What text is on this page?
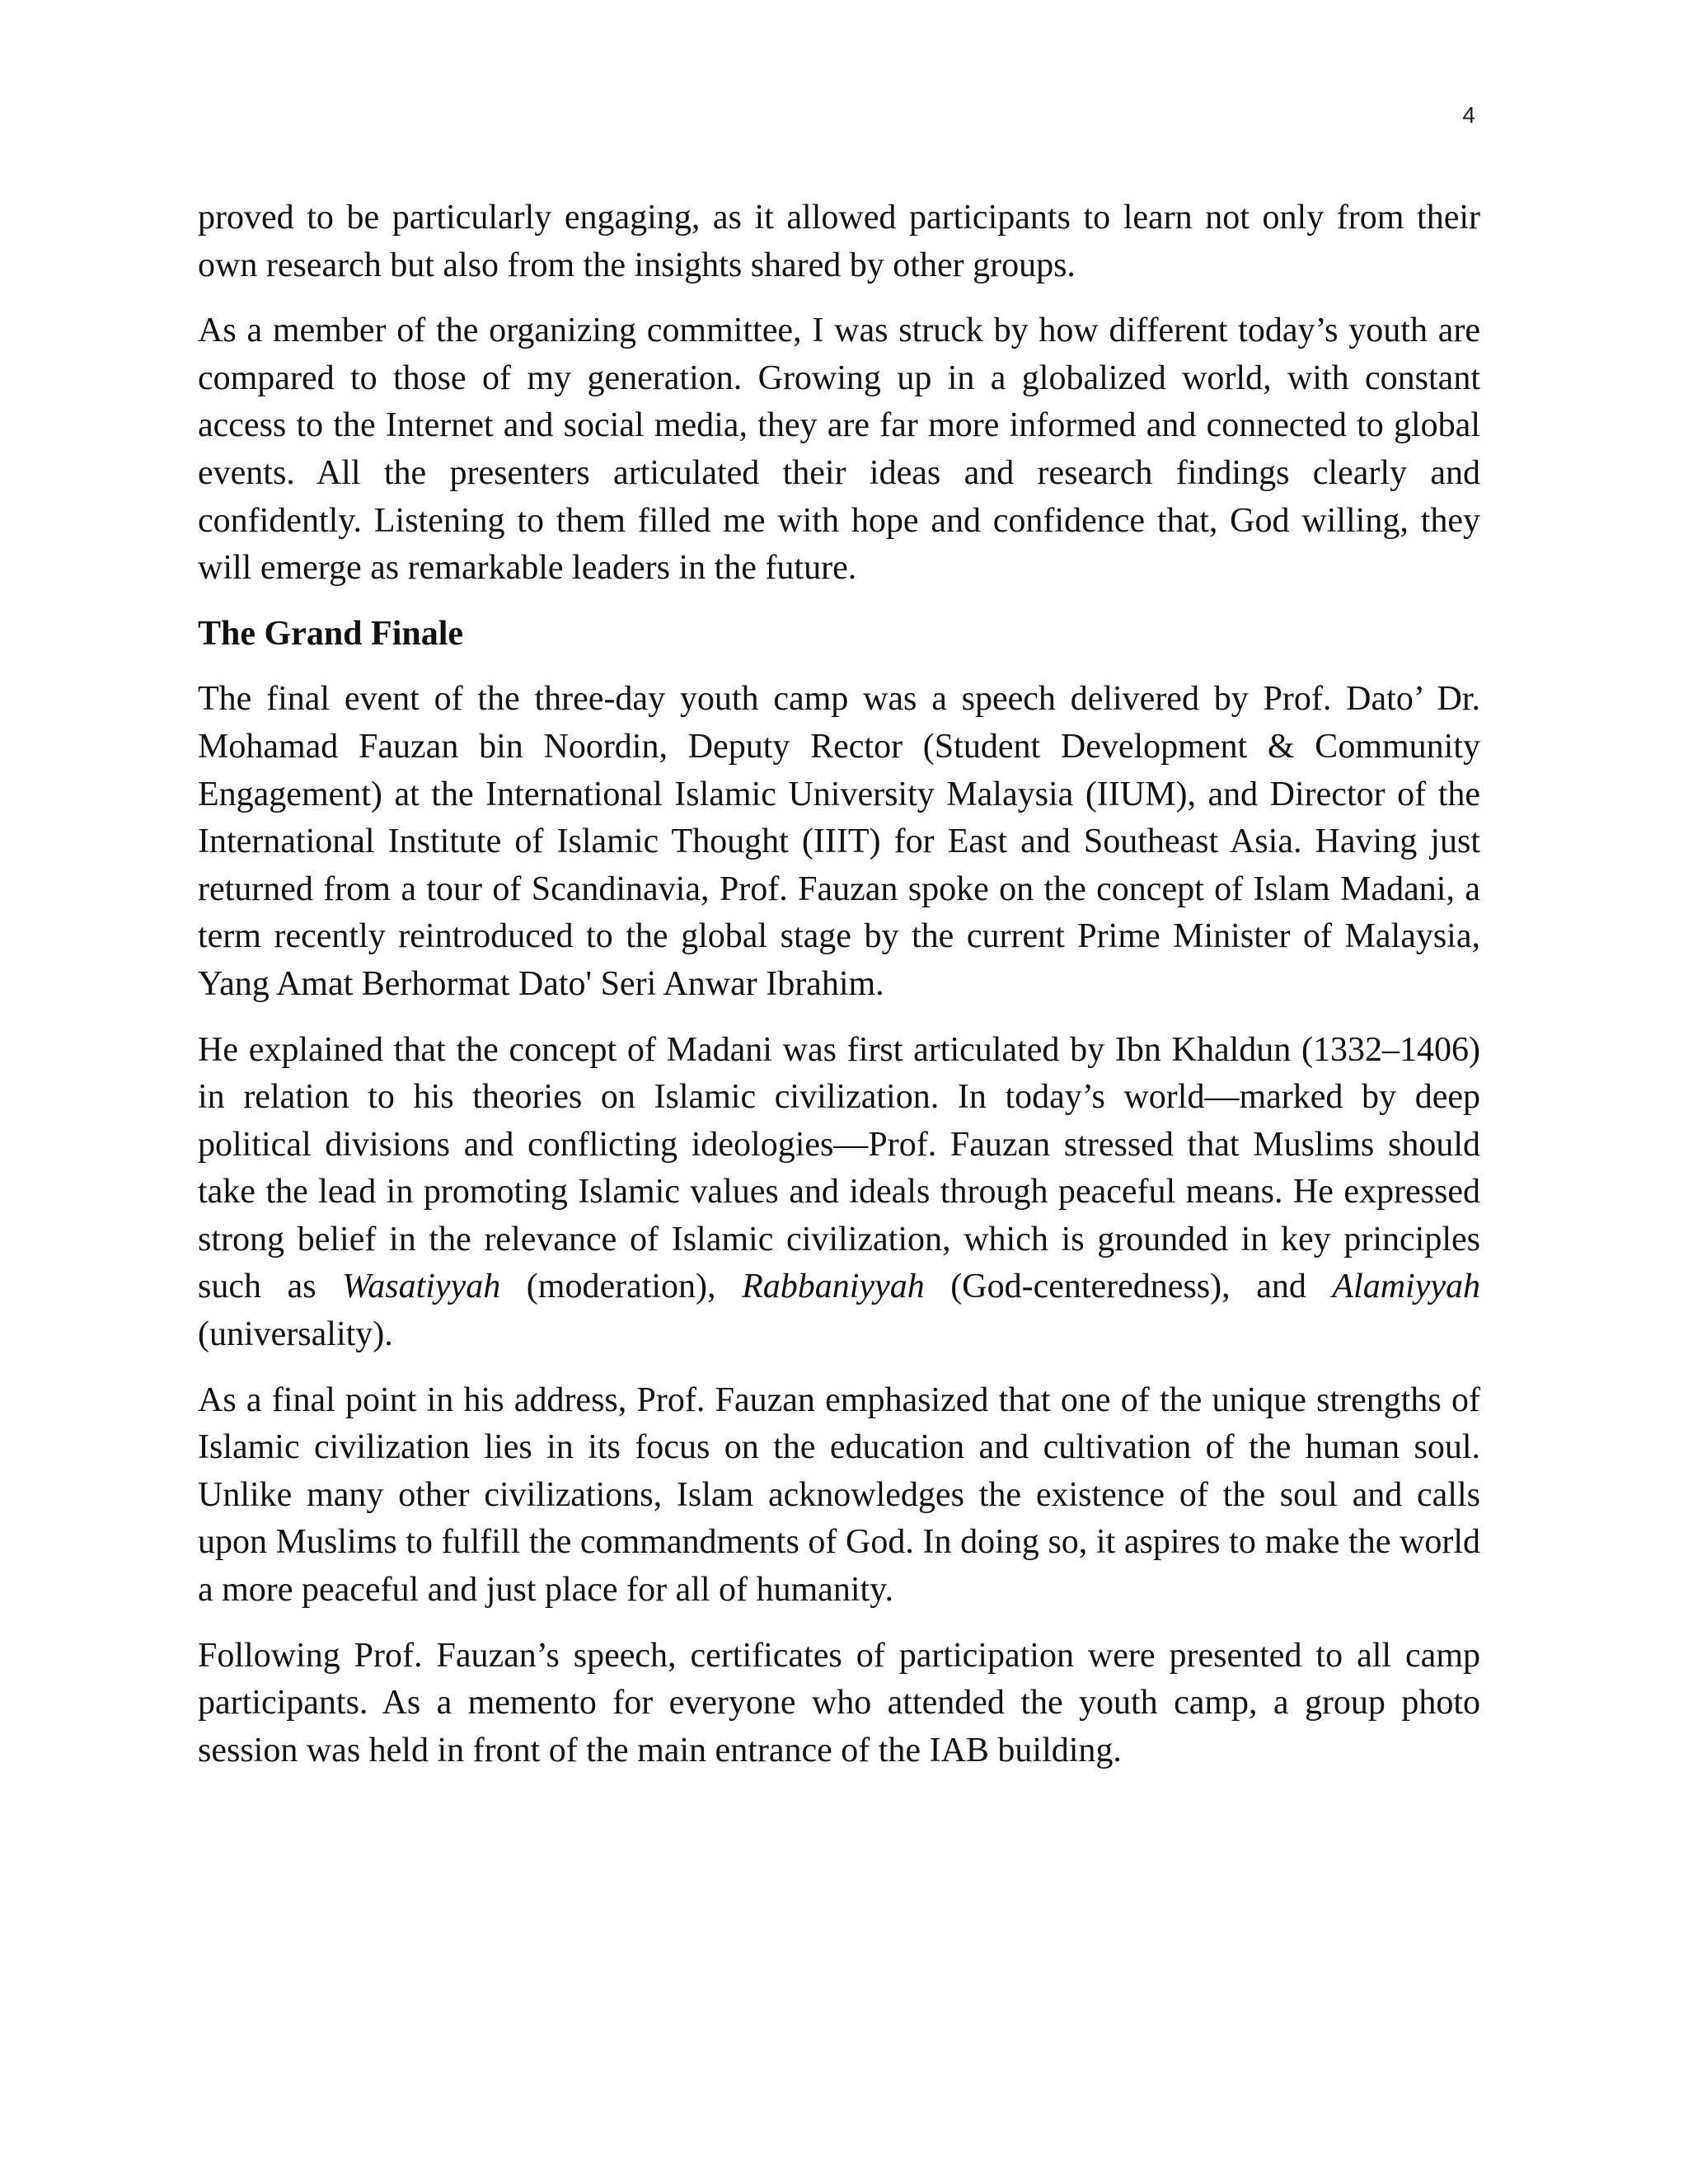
4

proved to be particularly engaging, as it allowed participants to learn not only from their own research but also from the insights shared by other groups.

As a member of the organizing committee, I was struck by how different today’s youth are compared to those of my generation. Growing up in a globalized world, with constant access to the Internet and social media, they are far more informed and connected to global events. All the presenters articulated their ideas and research findings clearly and confidently. Listening to them filled me with hope and confidence that, God willing, they will emerge as remarkable leaders in the future.

The Grand Finale

The final event of the three-day youth camp was a speech delivered by Prof. Dato’ Dr. Mohamad Fauzan bin Noordin, Deputy Rector (Student Development & Community Engagement) at the International Islamic University Malaysia (IIUM), and Director of the International Institute of Islamic Thought (IIIT) for East and Southeast Asia. Having just returned from a tour of Scandinavia, Prof. Fauzan spoke on the concept of Islam Madani, a term recently reintroduced to the global stage by the current Prime Minister of Malaysia, Yang Amat Berhormat Dato' Seri Anwar Ibrahim.

He explained that the concept of Madani was first articulated by Ibn Khaldun (1332–1406) in relation to his theories on Islamic civilization. In today’s world—marked by deep political divisions and conflicting ideologies—Prof. Fauzan stressed that Muslims should take the lead in promoting Islamic values and ideals through peaceful means. He expressed strong belief in the relevance of Islamic civilization, which is grounded in key principles such as Wasatiyyah (moderation), Rabbaniyyah (God-centeredness), and Alamiyyah (universality).

As a final point in his address, Prof. Fauzan emphasized that one of the unique strengths of Islamic civilization lies in its focus on the education and cultivation of the human soul. Unlike many other civilizations, Islam acknowledges the existence of the soul and calls upon Muslims to fulfill the commandments of God. In doing so, it aspires to make the world a more peaceful and just place for all of humanity.

Following Prof. Fauzan’s speech, certificates of participation were presented to all camp participants. As a memento for everyone who attended the youth camp, a group photo session was held in front of the main entrance of the IAB building.
